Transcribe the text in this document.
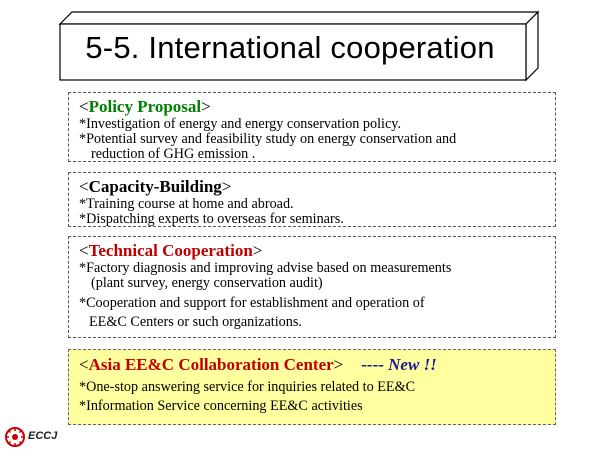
5-5. International cooperation
<Policy Proposal>
*Investigation of energy and energy conservation policy.
*Potential survey and feasibility study on energy conservation and
reduction of GHG emission .
<Capacity-Building>
*Training course at home and abroad.
*Dispatching experts to overseas for seminars.
<Technical Cooperation>
*Factory diagnosis and improving advise based on measurements
(plant survey, energy conservation audit)
*Cooperation and support for establishment and operation of
EE&C Centers or such organizations.
<Asia EE&C Collaboration Center> ---- New !!
*One-stop answering service for inquiries related to EE&C
*Information Service concerning EE&C activities
ECCJ
